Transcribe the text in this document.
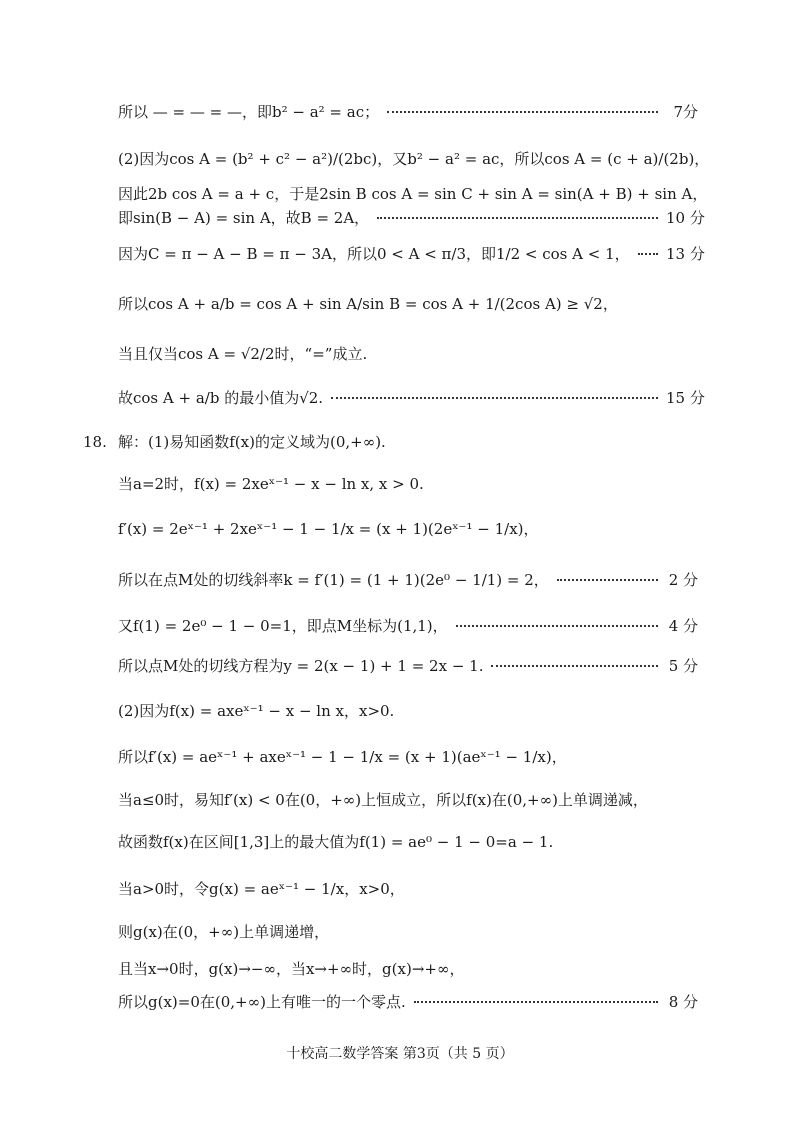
所以 — = — = —，即b² − a² = ac；	7分
(2)因为cos A = (b² + c² − a²)/(2bc)，又b² − a² = ac，所以cos A = (c + a)/(2b)，
因此2b cos A = a + c，于是2sin B cos A = sin C + sin A = sin(A + B) + sin A，
即sin(B − A) = sin A，故B = 2A，	10 分
因为C = π − A − B = π − 3A，所以0 < A < π/3，即1/2 < cos A < 1， 13 分
所以cos A + a/b = cos A + sin A/sin B = cos A + 1/(2cos A) ≥ √2，
当且仅当cos A = √2/2时，“=”成立.
故cos A + a/b 的最小值为√2.	15 分
18. 解：(1)易知函数f(x)的定义域为(0,+∞).
当a=2时，f(x) = 2xeˣ⁻¹ − x − ln x, x > 0.
f′(x) = 2eˣ⁻¹ + 2xeˣ⁻¹ − 1 − 1/x = (x + 1)(2eˣ⁻¹ − 1/x)，
所以在点M处的切线斜率k = f′(1) = (1 + 1)(2e⁰ − 1/1) = 2，	2 分
又f(1) = 2e⁰ − 1 − 0=1，即点M坐标为(1,1)，	4 分
所以点M处的切线方程为y = 2(x − 1) + 1 = 2x − 1.	5 分
(2)因为f(x) = axeˣ⁻¹ − x − ln x，x>0.
所以f′(x) = aeˣ⁻¹ + axeˣ⁻¹ − 1 − 1/x = (x + 1)(aeˣ⁻¹ − 1/x)，
当a≤0时，易知f′(x) < 0在(0，+∞)上恒成立，所以f(x)在(0,+∞)上单调递减，
故函数f(x)在区间[1,3]上的最大值为f(1) = ae⁰ − 1 − 0=a − 1.
当a>0时，令g(x) = aeˣ⁻¹ − 1/x，x>0，
则g(x)在(0，+∞)上单调递增，
且当x→0时，g(x)→−∞，当x→+∞时，g(x)→+∞，
所以g(x)=0在(0,+∞)上有唯一的一个零点.	8 分
十校高二数学答案 第3页（共 5 页）
